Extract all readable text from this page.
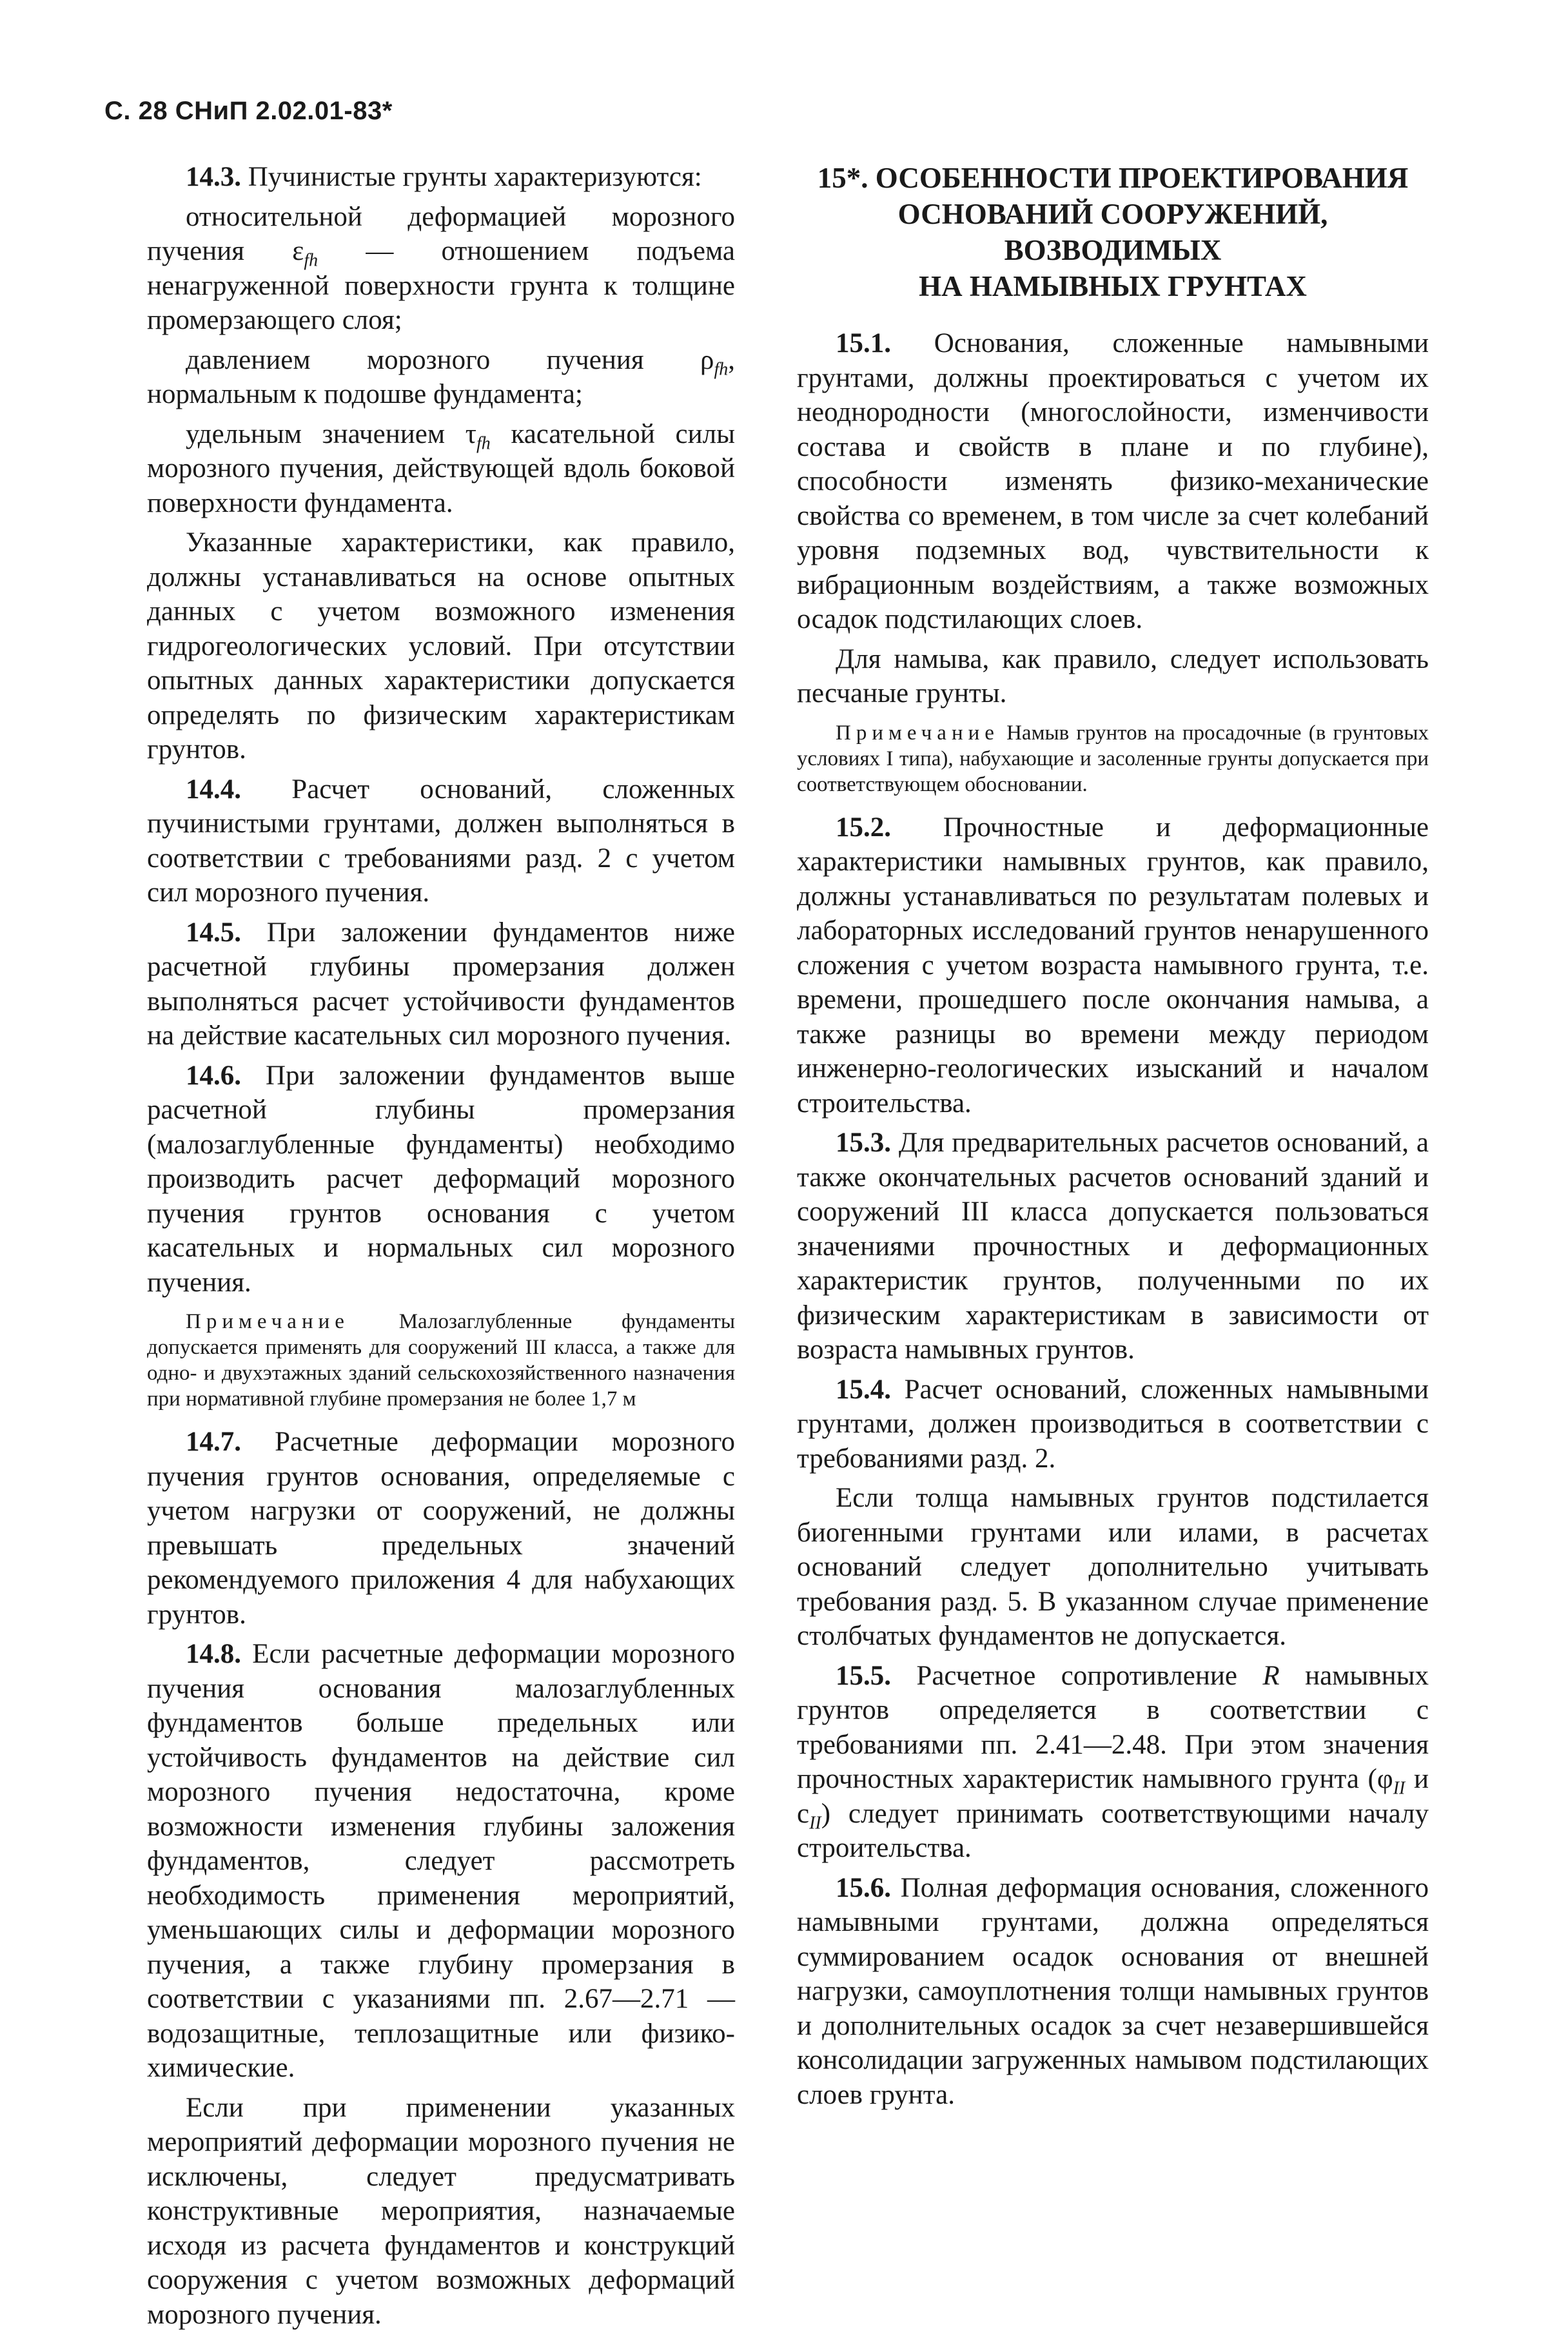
С. 28 СНиП 2.02.01-83*

14.3. Пучинистые грунты характеризуются:

относительной деформацией морозного пучения $\varepsilon_{fh}$ — отношением подъема ненагруженной поверхности грунта к толщине промерзающего слоя;

давлением морозного пучения $\rho_{fh}$, нормальным к подошве фундамента;

удельным значением $\tau_{fh}$ касательной силы морозного пучения, действующей вдоль боковой поверхности фундамента.

Указанные характеристики, как правило, должны устанавливаться на основе опытных данных с учетом возможного изменения гидрогеологических условий. При отсутствии опытных данных характеристики допускается определять по физическим характеристикам грунтов.

14.4. Расчет оснований, сложенных пучинистыми грунтами, должен выполняться в соответствии с требованиями разд. 2 с учетом сил морозного пучения.

14.5. При заложении фундаментов ниже расчетной глубины промерзания должен выполняться расчет устойчивости фундаментов на действие касательных сил морозного пучения.

14.6. При заложении фундаментов выше расчетной глубины промерзания (малозаглубленные фундаменты) необходимо производить расчет деформаций морозного пучения грунтов основания с учетом касательных и нормальных сил морозного пучения.

Примечание Малозаглубленные фундаменты допускается применять для сооружений III класса, а также для одно- и двухэтажных зданий сельскохозяйственного назначения при нормативной глубине промерзания не более 1,7 м

14.7. Расчетные деформации морозного пучения грунтов основания, определяемые с учетом нагрузки от сооружений, не должны превышать предельных значений рекомендуемого приложения 4 для набухающих грунтов.

14.8. Если расчетные деформации морозного пучения основания малозаглубленных фундаментов больше предельных или устойчивость фундаментов на действие сил морозного пучения недостаточна, кроме возможности изменения глубины заложения фундаментов, следует рассмотреть необходимость применения мероприятий, уменьшающих силы и деформации морозного пучения, а также глубину промерзания в соответствии с указаниями пп. 2.67—2.71 — водозащитные, теплозащитные или физико-химические.

Если при применении указанных мероприятий деформации морозного пучения не исключены, следует предусматривать конструктивные мероприятия, назначаемые исходя из расчета фундаментов и конструкций сооружения с учетом возможных деформаций морозного пучения.

15*. ОСОБЕННОСТИ ПРОЕКТИРОВАНИЯ
ОСНОВАНИЙ СООРУЖЕНИЙ,
ВОЗВОДИМЫХ
НА НАМЫВНЫХ ГРУНТАХ

15.1. Основания, сложенные намывными грунтами, должны проектироваться с учетом их неоднородности (многослойности, изменчивости состава и свойств в плане и по глубине), способности изменять физико-механические свойства со временем, в том числе за счет колебаний уровня подземных вод, чувствительности к вибрационным воздействиям, а также возможных осадок подстилающих слоев.

Для намыва, как правило, следует использовать песчаные грунты.

Примечание Намыв грунтов на просадочные (в грунтовых условиях I типа), набухающие и засоленные грунты допускается при соответствующем обосновании.

15.2. Прочностные и деформационные характеристики намывных грунтов, как правило, должны устанавливаться по результатам полевых и лабораторных исследований грунтов ненарушенного сложения с учетом возраста намывного грунта, т.е. времени, прошедшего после окончания намыва, а также разницы во времени между периодом инженерно-геологических изысканий и началом строительства.

15.3. Для предварительных расчетов оснований, а также окончательных расчетов оснований зданий и сооружений III класса допускается пользоваться значениями прочностных и деформационных характеристик грунтов, полученными по их физическим характеристикам в зависимости от возраста намывных грунтов.

15.4. Расчет оснований, сложенных намывными грунтами, должен производиться в соответствии с требованиями разд. 2.

Если толща намывных грунтов подстилается биогенными грунтами или илами, в расчетах оснований следует дополнительно учитывать требования разд. 5. В указанном случае применение столбчатых фундаментов не допускается.

15.5. Расчетное сопротивление R намывных грунтов определяется в соответствии с требованиями пп. 2.41—2.48. При этом значения прочностных характеристик намывного грунта ($\varphi_{II}$ и $c_{II}$) следует принимать соответствующими началу строительства.

15.6. Полная деформация основания, сложенного намывными грунтами, должна определяться суммированием осадок основания от внешней нагрузки, самоуплотнения толщи намывных грунтов и дополнительных осадок за счет незавершившейся консолидации загруженных намывом подстилающих слоев грунта.
